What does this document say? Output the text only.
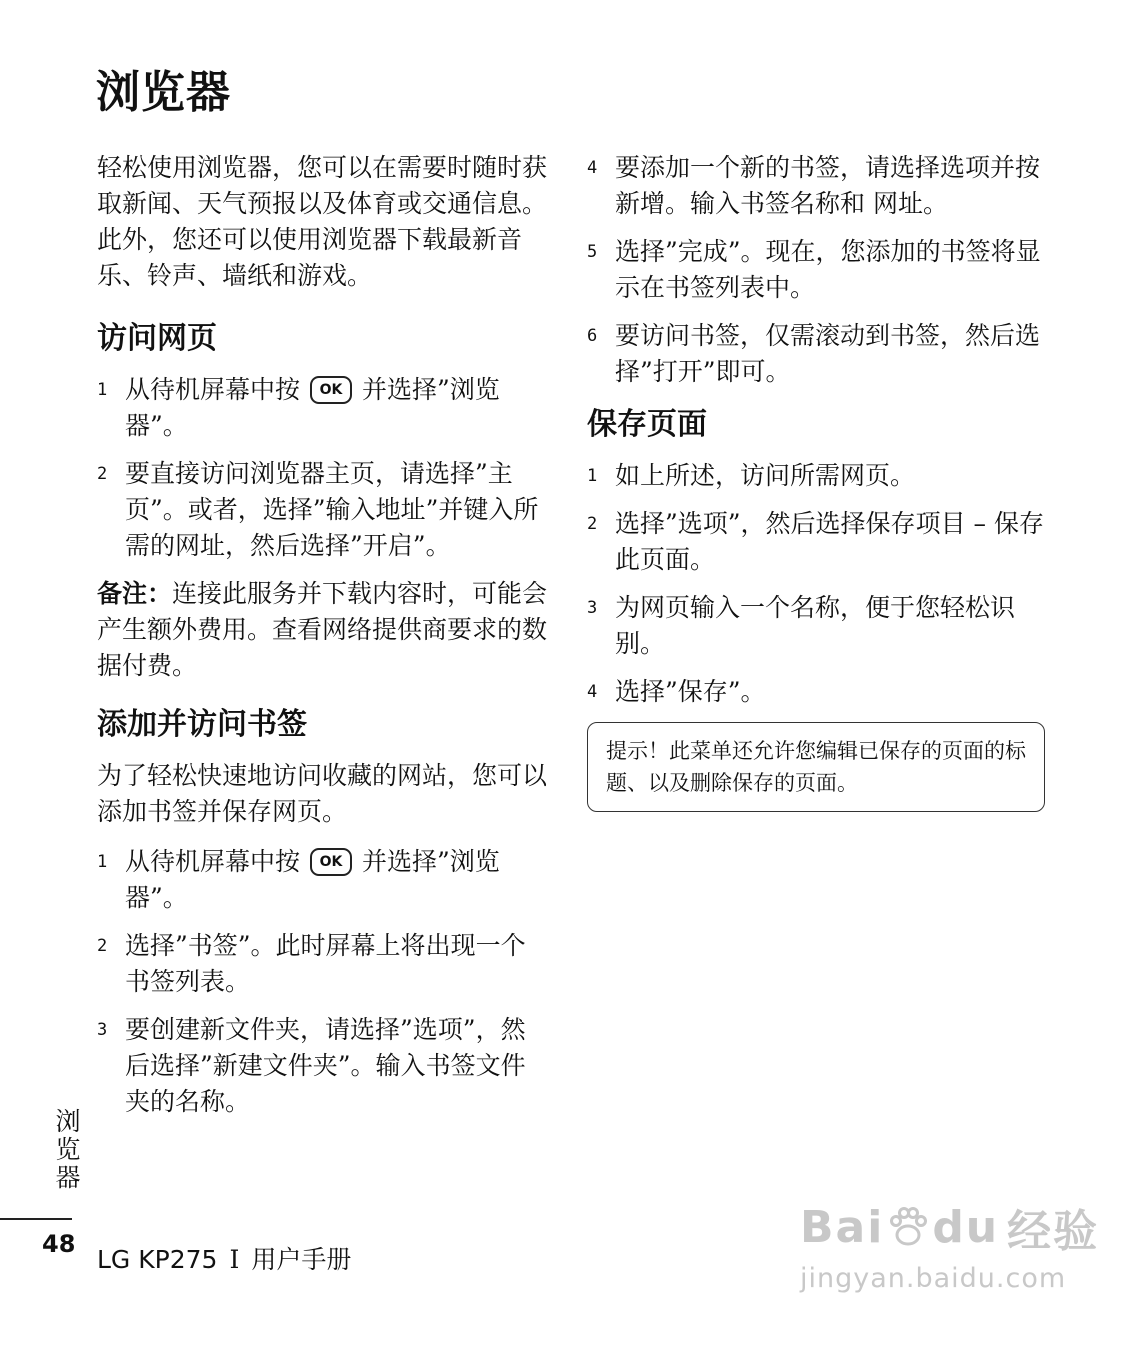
浏览器

轻松使用浏览器，您可以在需要时随时获取新闻、天气预报以及体育或交通信息。此外，您还可以使用浏览器下载最新音乐、铃声、墙纸和游戏。

访问网页
1 从待机屏幕中按 OK 并选择”浏览器”。
2 要直接访问浏览器主页，请选择”主页”。或者，选择”输入地址”并键入所需的网址，然后选择”开启”。

备注：连接此服务并下载内容时，可能会产生额外费用。查看网络提供商要求的数据付费。

添加并访问书签

为了轻松快速地访问收藏的网站，您可以添加书签并保存网页。

1 从待机屏幕中按 OK 并选择”浏览器”。
2 选择”书签”。此时屏幕上将出现一个书签列表。
3 要创建新文件夹，请选择”选项”，然后选择”新建文件夹”。输入书签文件夹的名称。
4 要添加一个新的书签，请选择选项并按新增。输入书签名称和 网址。
5 选择”完成”。现在，您添加的书签将显示在书签列表中。
6 要访问书签，仅需滚动到书签，然后选择”打开”即可。
保存页面
1 如上所述，访问所需网页。
2 选择”选项”，然后选择保存项目 – 保存此页面。
3 为网页输入一个名称，便于您轻松识别。
4 选择”保存”。

提示！此菜单还允许您编辑已保存的页面的标题、以及删除保存的页面。

浏览器
48
LG KP275 I 用户手册
Bai du 经验
jingyan.baidu.com
